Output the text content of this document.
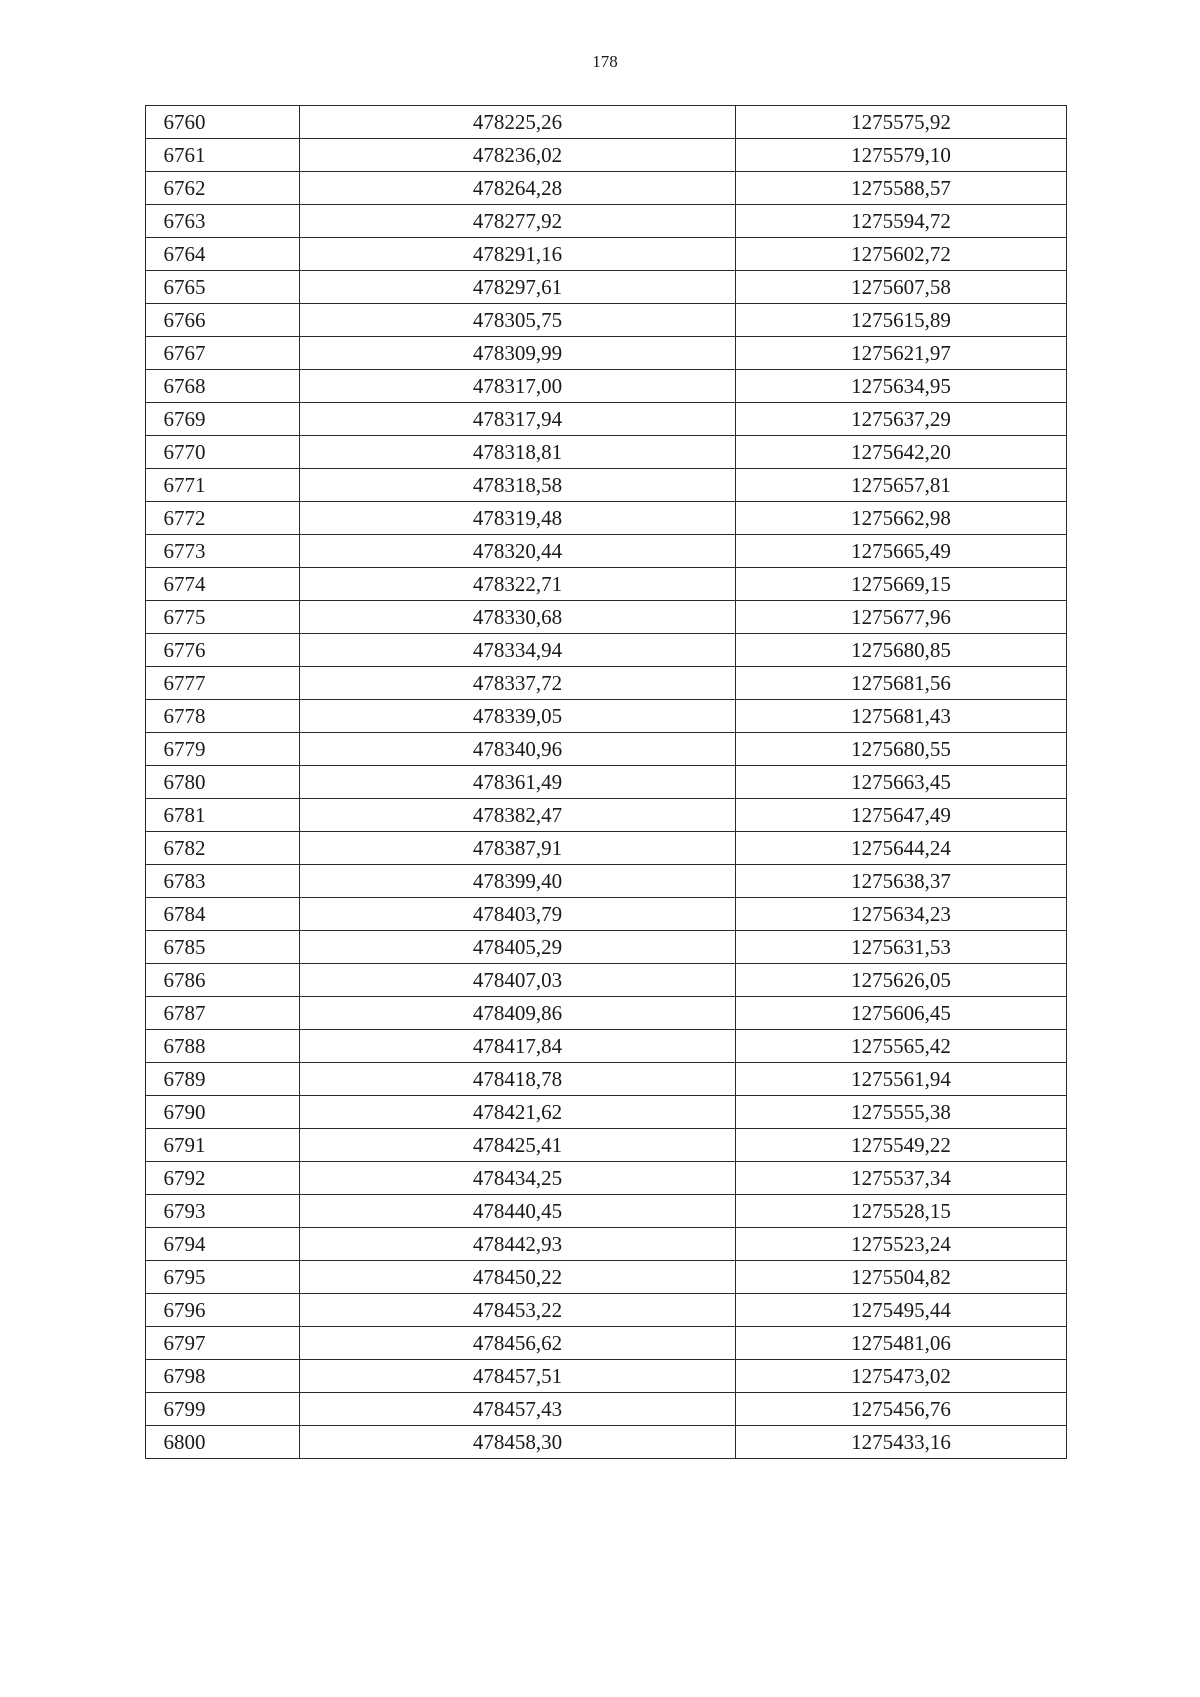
178
6760	478225,26	1275575,92
6761	478236,02	1275579,10
6762	478264,28	1275588,57
6763	478277,92	1275594,72
6764	478291,16	1275602,72
6765	478297,61	1275607,58
6766	478305,75	1275615,89
6767	478309,99	1275621,97
6768	478317,00	1275634,95
6769	478317,94	1275637,29
6770	478318,81	1275642,20
6771	478318,58	1275657,81
6772	478319,48	1275662,98
6773	478320,44	1275665,49
6774	478322,71	1275669,15
6775	478330,68	1275677,96
6776	478334,94	1275680,85
6777	478337,72	1275681,56
6778	478339,05	1275681,43
6779	478340,96	1275680,55
6780	478361,49	1275663,45
6781	478382,47	1275647,49
6782	478387,91	1275644,24
6783	478399,40	1275638,37
6784	478403,79	1275634,23
6785	478405,29	1275631,53
6786	478407,03	1275626,05
6787	478409,86	1275606,45
6788	478417,84	1275565,42
6789	478418,78	1275561,94
6790	478421,62	1275555,38
6791	478425,41	1275549,22
6792	478434,25	1275537,34
6793	478440,45	1275528,15
6794	478442,93	1275523,24
6795	478450,22	1275504,82
6796	478453,22	1275495,44
6797	478456,62	1275481,06
6798	478457,51	1275473,02
6799	478457,43	1275456,76
6800	478458,30	1275433,16
